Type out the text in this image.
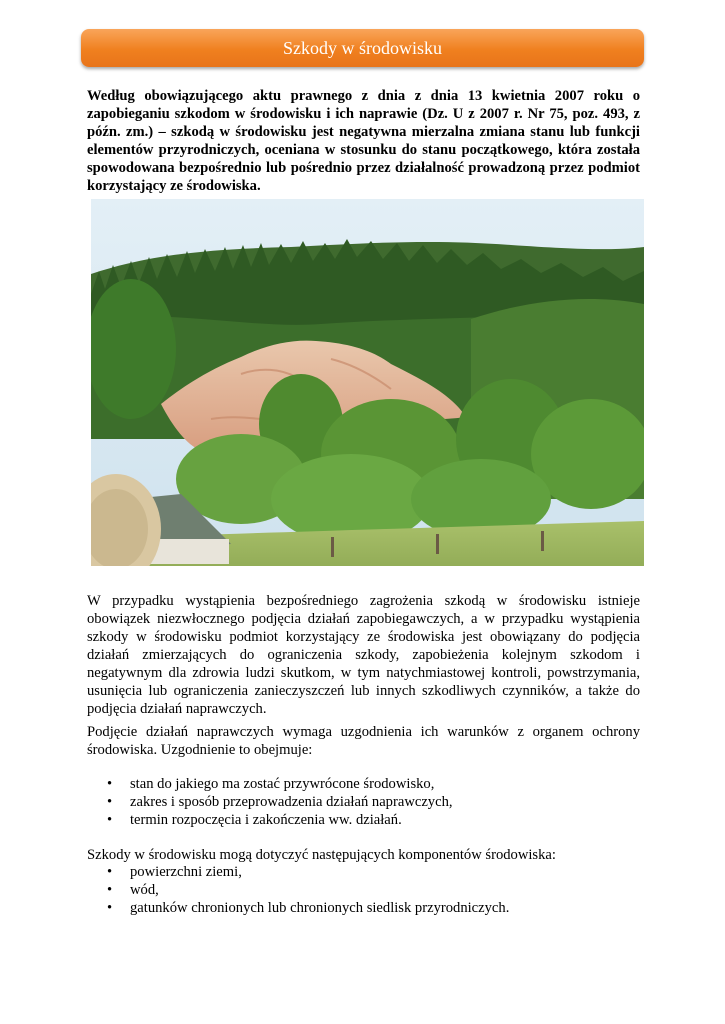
Szkody w środowisku

Według obowiązującego aktu prawnego z dnia z dnia 13 kwietnia 2007 roku o zapobieganiu szkodom w środowisku i ich naprawie (Dz. U z 2007 r. Nr 75, poz. 493, z późn. zm.) – szkodą w środowisku jest negatywna mierzalna zmiana stanu lub funkcji elementów przyrodniczych, oceniana w stosunku do stanu początkowego, która została spowodowana bezpośrednio lub pośrednio przez działalność prowadzoną przez podmiot korzystający ze środowiska.

W przypadku wystąpienia bezpośredniego zagrożenia szkodą w środowisku istnieje obowiązek niezwłocznego podjęcia działań zapobiegawczych, a w przypadku wystąpienia szkody w środowisku podmiot korzystający ze środowiska jest obowiązany do podjęcia działań zmierzających do ograniczenia szkody, zapobieżenia kolejnym szkodom i negatywnym dla zdrowia ludzi skutkom, w tym natychmiastowej kontroli, powstrzymania, usunięcia lub ograniczenia zanieczyszczeń lub innych szkodliwych czynników, a także do podjęcia działań naprawczych.

Podjęcie działań naprawczych wymaga uzgodnienia ich warunków z organem ochrony środowiska. Uzgodnienie to obejmuje:

• stan do jakiego ma zostać przywrócone środowisko,
• zakres i sposób przeprowadzenia działań naprawczych,
• termin rozpoczęcia i zakończenia ww. działań.

Szkody w środowisku mogą dotyczyć następujących komponentów środowiska:

• powierzchni ziemi,
• wód,
• gatunków chronionych lub chronionych siedlisk przyrodniczych.
